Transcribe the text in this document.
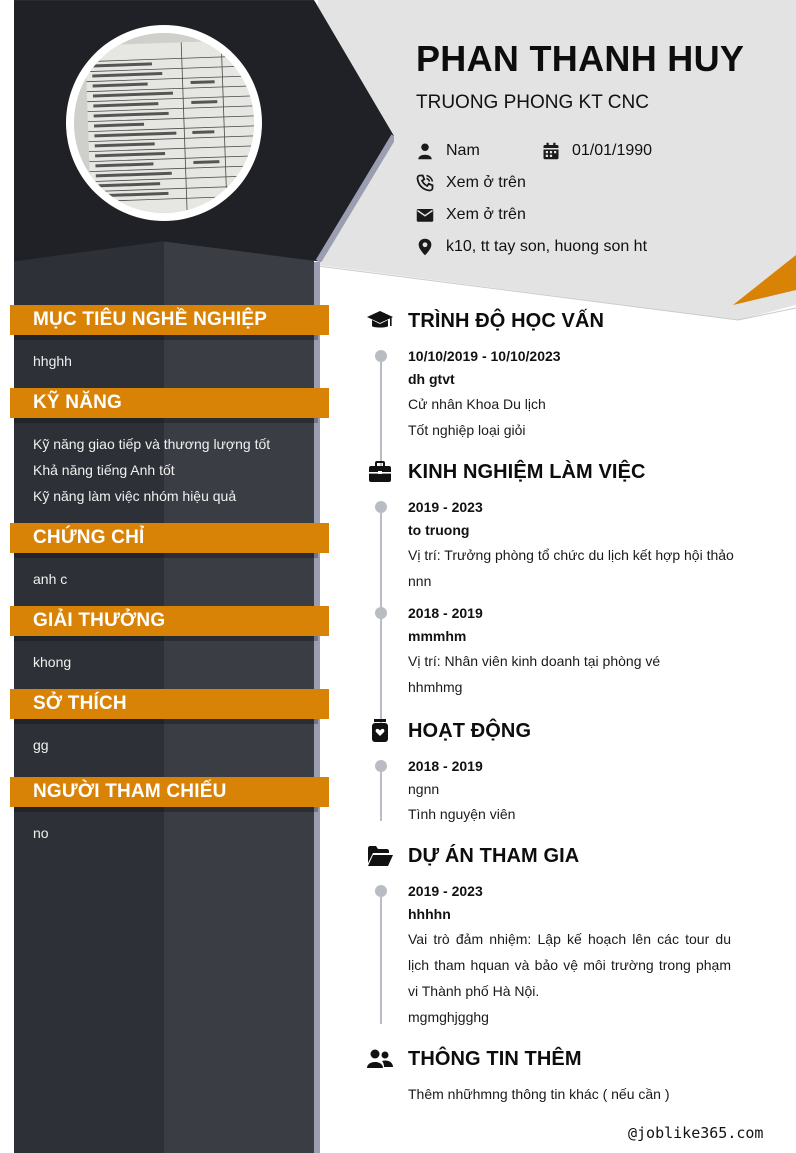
PHAN THANH HUY
TRUONG PHONG KT CNC
Nam	01/01/1990
Xem ở trên
Xem ở trên
k10, tt tay son, huong son ht
MỤC TIÊU NGHỀ NGHIỆP

hhghh

KỸ NĂNG

Kỹ năng giao tiếp và thương lượng tốt

Khả năng tiếng Anh tốt

Kỹ năng làm việc nhóm hiệu quả

CHỨNG CHỈ

anh c

GIẢI THƯỞNG

khong

SỞ THÍCH

gg

NGƯỜI THAM CHIẾU

no

TRÌNH ĐỘ HỌC VẤN
10/10/2019 - 10/10/2023
dh gtvt
Cử nhân Khoa Du lịch
Tốt nghiệp loại giỏi
KINH NGHIỆM LÀM VIỆC
2019 - 2023
to truong
Vị trí: Trưởng phòng tổ chức du lịch kết hợp hội thảo
nnn
2018 - 2019
mmmhm
Vị trí: Nhân viên kinh doanh tại phòng vé
hhmhmg
HOẠT ĐỘNG
2018 - 2019
ngnn
Tình nguyện viên
DỰ ÁN THAM GIA
2019 - 2023
hhhhn
Vai trò đảm nhiệm: Lập kế hoạch lên các tour du lịch tham hquan và bảo vệ môi trường trong phạm vi Thành phố Hà Nội.
mgmghjgghg
THÔNG TIN THÊM
Thêm nhữhmng thông tin khác ( nếu cần )
@joblike365.com
